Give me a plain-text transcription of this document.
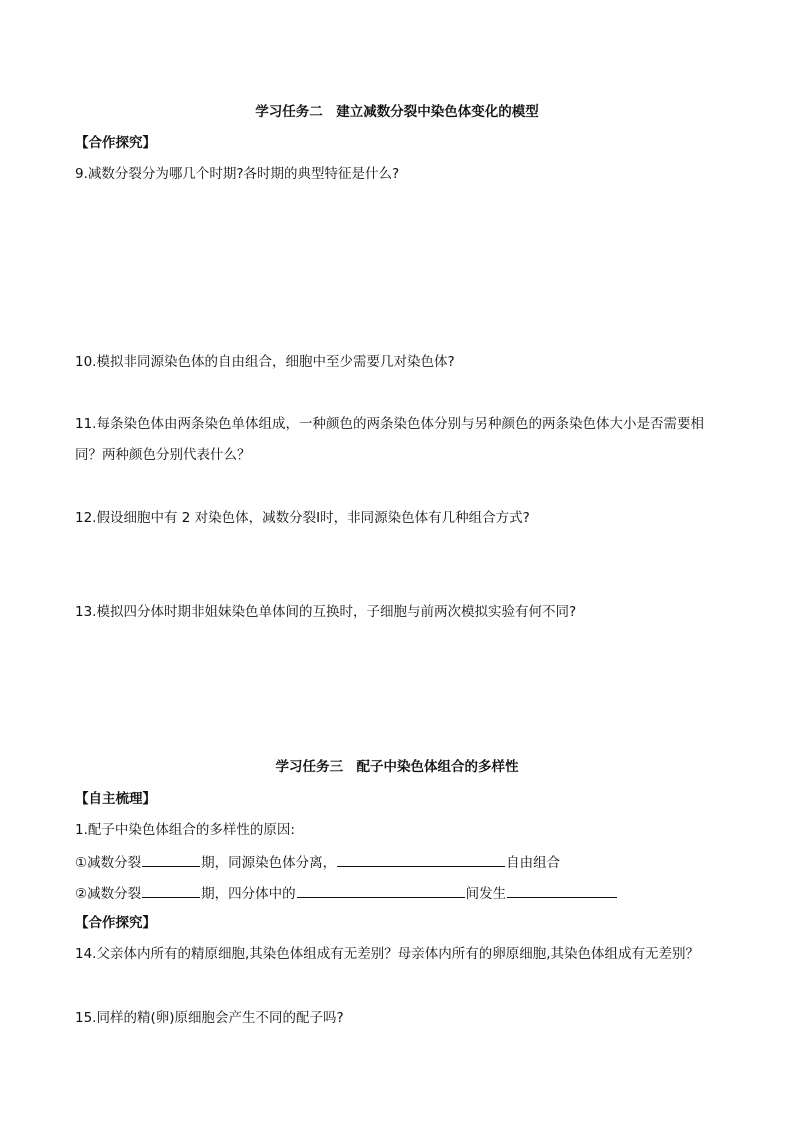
学习任务二　建立减数分裂中染色体变化的模型
【合作探究】
9.减数分裂分为哪几个时期?各时期的典型特征是什么?
10.模拟非同源染色体的自由组合，细胞中至少需要几对染色体?
11.每条染色体由两条染色单体组成，一种颜色的两条染色体分别与另种颜色的两条染色体大小是否需要相
同？两种颜色分别代表什么？
12.假设细胞中有 2 对染色体，减数分裂Ⅰ时，非同源染色体有几种组合方式?
13.模拟四分体时期非姐妹染色单体间的互换时，子细胞与前两次模拟实验有何不同?
学习任务三　配子中染色体组合的多样性
【自主梳理】
1.配子中染色体组合的多样性的原因:
①减数分裂	期，同源染色体分离，	自由组合
②减数分裂	期，四分体中的	间发生
【合作探究】
14.父亲体内所有的精原细胞,其染色体组成有无差别？母亲体内所有的卵原细胞,其染色体组成有无差别？
15.同样的精(卵)原细胞会产生不同的配子吗?
